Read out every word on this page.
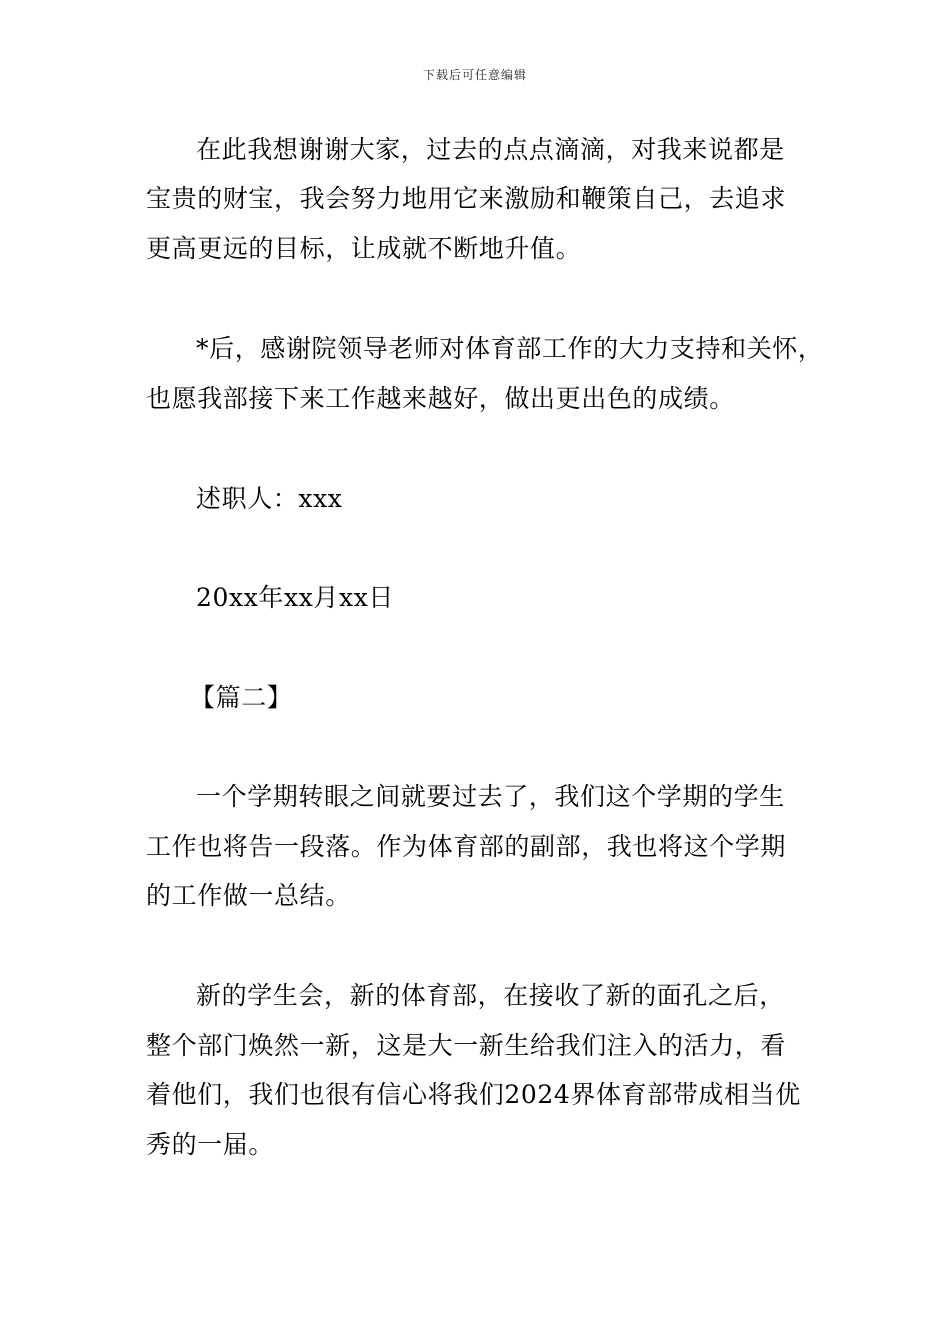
下载后可任意编辑
在此我想谢谢大家，过去的点点滴滴，对我来说都是
宝贵的财宝，我会努力地用它来激励和鞭策自己，去追求
更高更远的目标，让成就不断地升值。
*后，感谢院领导老师对体育部工作的大力支持和关怀，
也愿我部接下来工作越来越好，做出更出色的成绩。
述职人：xxx
20xx年xx月xx日
【篇二】
一个学期转眼之间就要过去了，我们这个学期的学生
工作也将告一段落。作为体育部的副部，我也将这个学期
的工作做一总结。
新的学生会，新的体育部，在接收了新的面孔之后，
整个部门焕然一新，这是大一新生给我们注入的活力，看
着他们，我们也很有信心将我们2024界体育部带成相当优
秀的一届。
